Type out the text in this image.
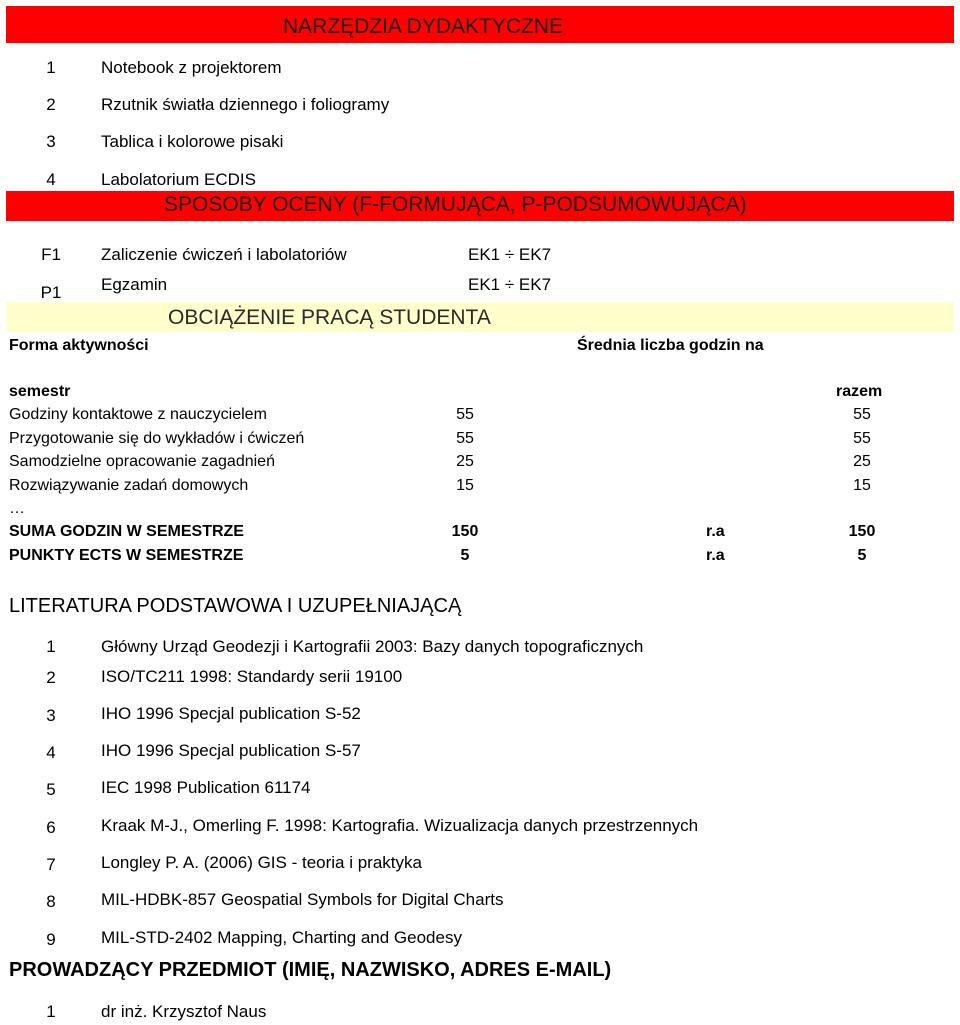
NARZĘDZIA DYDAKTYCZNE
1	Notebook z projektorem
2	Rzutnik światła dziennego i foliogramy
3	Tablica i kolorowe pisaki
4	Labolatorium ECDIS
SPOSOBY OCENY (F-FORMUJĄCA, P-PODSUMOWUJĄCA)
F1 Zaliczenie ćwiczeń i labolatoriów	EK1 ÷ EK7
P1 Egzamin	EK1 ÷ EK7
OBCIĄŻENIE PRACĄ STUDENTA
Forma aktywności	Średnia liczba godzin na
semestr	razem
Godziny kontaktowe z nauczycielem	55	55
Przygotowanie się do wykładów i ćwiczeń	55	55
Samodzielne opracowanie zagadnień	25	25
Rozwiązywanie zadań domowych	15	15
…
SUMA GODZIN W SEMESTRZE	150	r.a	150
PUNKTY ECTS W SEMESTRZE	5	r.a	5
LITERATURA PODSTAWOWA I UZUPEŁNIAJĄCĄ
1	Główny Urząd Geodezji i Kartografii 2003: Bazy danych topograficznych
2	ISO/TC211 1998: Standardy serii 19100
3	IHO 1996 Specjal publication S-52
4	IHO 1996 Specjal publication S-57
5	IEC 1998 Publication 61174
6	Kraak M-J., Omerling F. 1998: Kartografia. Wizualizacja danych przestrzennych
7	Longley P. A. (2006) GIS - teoria i praktyka
8	MIL-HDBK-857 Geospatial Symbols for Digital Charts
9	MIL-STD-2402 Mapping, Charting and Geodesy
PROWADZĄCY PRZEDMIOT (IMIĘ, NAZWISKO, ADRES E-MAIL)
1	dr inż. Krzysztof Naus
